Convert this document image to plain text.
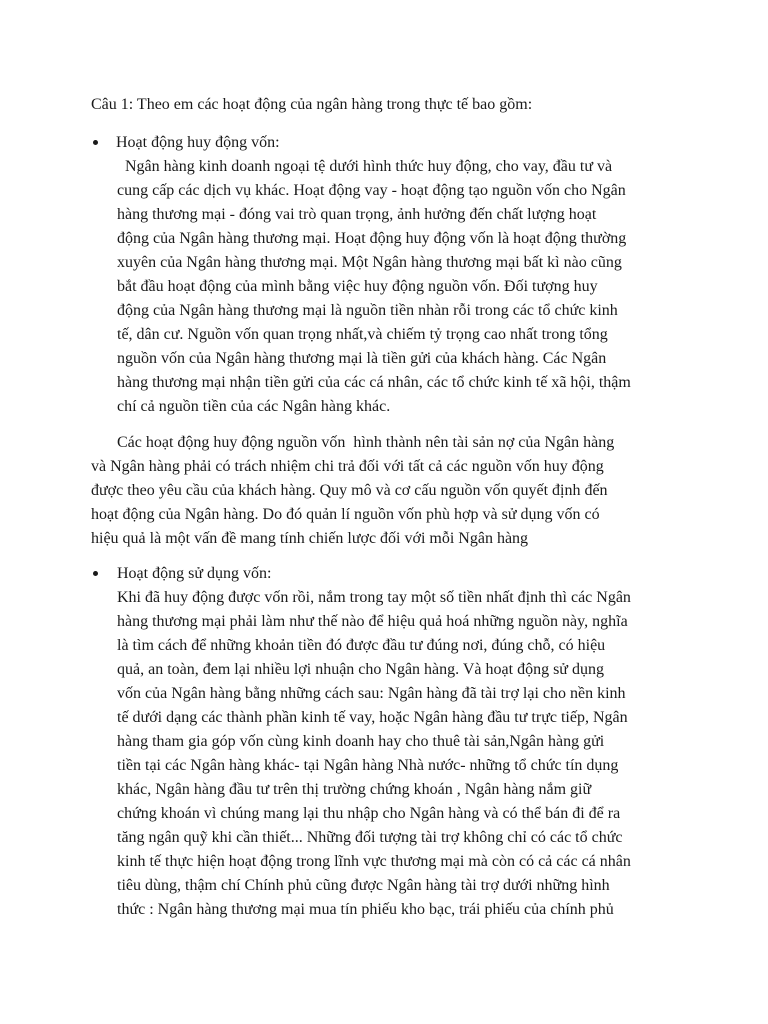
Câu 1: Theo em các hoạt động của ngân hàng trong thực tế bao gồm:
Hoạt động huy động vốn:
Ngân hàng kinh doanh ngoại tệ dưới hình thức huy động, cho vay, đầu tư và
cung cấp các dịch vụ khác. Hoạt động vay - hoạt động tạo nguồn vốn cho Ngân
hàng thương mại - đóng vai trò quan trọng, ảnh hưởng đến chất lượng hoạt
động của Ngân hàng thương mại. Hoạt động huy động vốn là hoạt động thường
xuyên của Ngân hàng thương mại. Một Ngân hàng thương mại bất kì nào cũng
bắt đầu hoạt động của mình bằng việc huy động nguồn vốn. Đối tượng huy
động của Ngân hàng thương mại là nguồn tiền nhàn rỗi trong các tổ chức kinh
tế, dân cư. Nguồn vốn quan trọng nhất,và chiếm tỷ trọng cao nhất trong tổng
nguồn vốn của Ngân hàng thương mại là tiền gửi của khách hàng. Các Ngân
hàng thương mại nhận tiền gửi của các cá nhân, các tổ chức kinh tế xã hội, thậm
chí cả nguồn tiền của các Ngân hàng khác.
Các hoạt động huy động nguồn vốn  hình thành nên tài sản nợ của Ngân hàng
và Ngân hàng phải có trách nhiệm chi trả đối với tất cả các nguồn vốn huy động
được theo yêu cầu của khách hàng. Quy mô và cơ cấu nguồn vốn quyết định đến
hoạt động của Ngân hàng. Do đó quản lí nguồn vốn phù hợp và sử dụng vốn có
hiệu quả là một vấn đề mang tính chiến lược đối với mỗi Ngân hàng
Hoạt động sử dụng vốn:
Khi đã huy động được vốn rồi, nắm trong tay một số tiền nhất định thì các Ngân
hàng thương mại phải làm như thế nào để hiệu quả hoá những nguồn này, nghĩa
là tìm cách để những khoản tiền đó được đầu tư đúng nơi, đúng chỗ, có hiệu
quả, an toàn, đem lại nhiều lợi nhuận cho Ngân hàng. Và hoạt động sử dụng
vốn của Ngân hàng bằng những cách sau: Ngân hàng đã tài trợ lại cho nền kinh
tế dưới dạng các thành phần kinh tế vay, hoặc Ngân hàng đầu tư trực tiếp, Ngân
hàng tham gia góp vốn cùng kinh doanh hay cho thuê tài sản,Ngân hàng gửi
tiền tại các Ngân hàng khác- tại Ngân hàng Nhà nước- những tổ chức tín dụng
khác, Ngân hàng đầu tư trên thị trường chứng khoán , Ngân hàng nắm giữ
chứng khoán vì chúng mang lại thu nhập cho Ngân hàng và có thể bán đi để ra
tăng ngân quỹ khi cần thiết... Những đối tượng tài trợ không chỉ có các tổ chức
kinh tế thực hiện hoạt động trong lĩnh vực thương mại mà còn có cả các cá nhân
tiêu dùng, thậm chí Chính phủ cũng được Ngân hàng tài trợ dưới những hình
thức : Ngân hàng thương mại mua tín phiếu kho bạc, trái phiếu của chính phủ
